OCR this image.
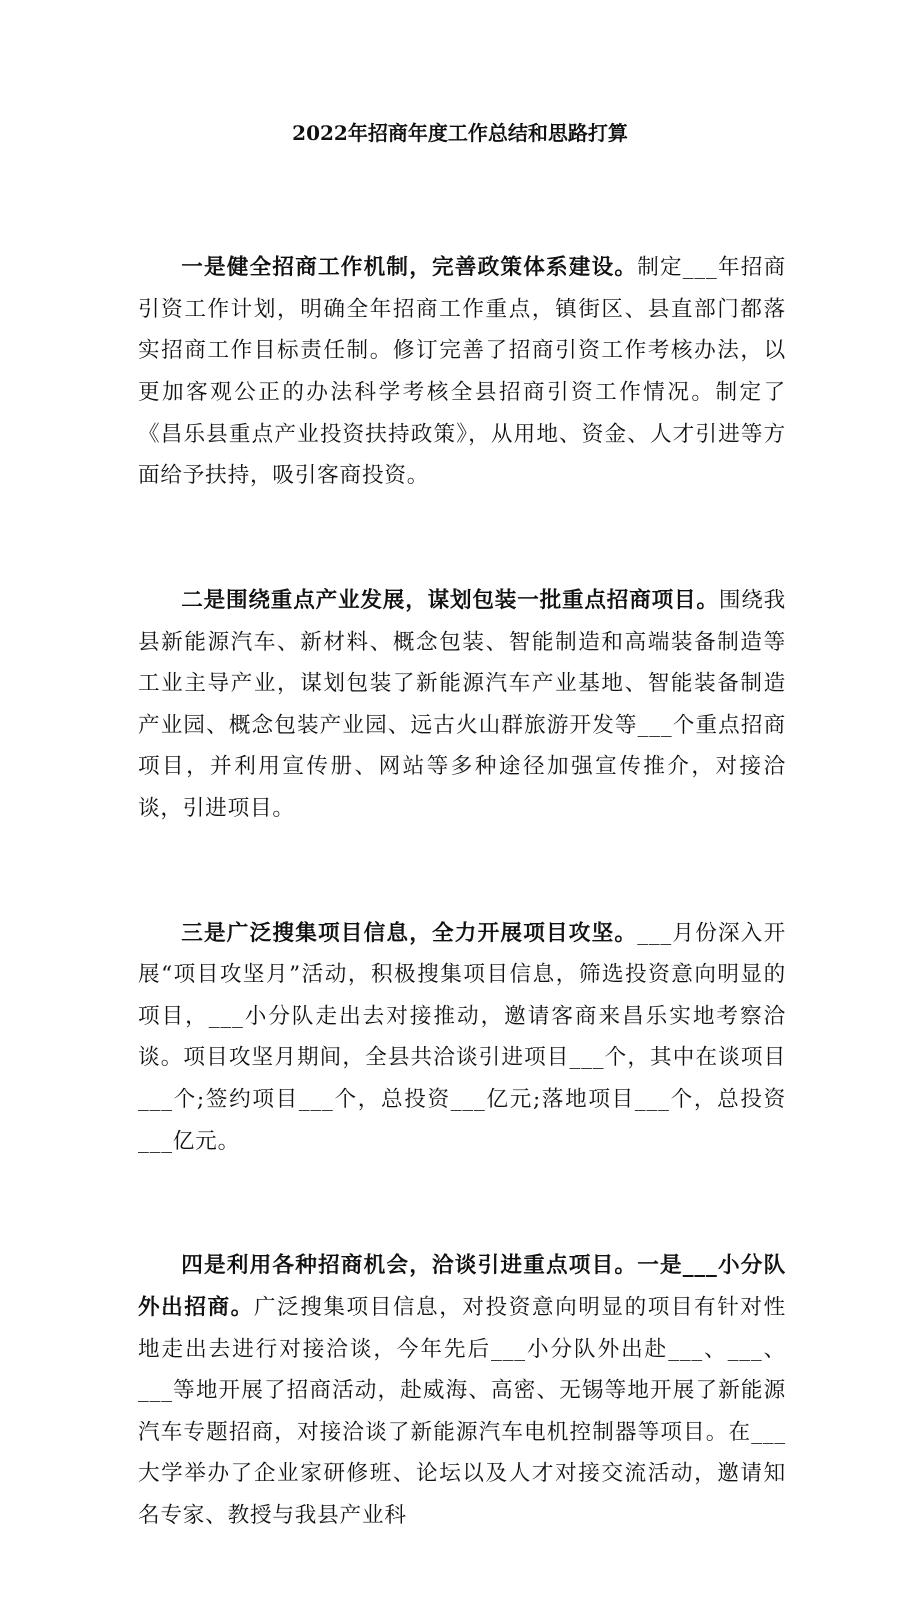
2022年招商年度工作总结和思路打算

一是健全招商工作机制，完善政策体系建设。制定___年招商引资工作计划，明确全年招商工作重点，镇街区、县直部门都落实招商工作目标责任制。修订完善了招商引资工作考核办法，以更加客观公正的办法科学考核全县招商引资工作情况。制定了《昌乐县重点产业投资扶持政策》，从用地、资金、人才引进等方面给予扶持，吸引客商投资。

二是围绕重点产业发展，谋划包装一批重点招商项目。围绕我县新能源汽车、新材料、概念包装、智能制造和高端装备制造等工业主导产业，谋划包装了新能源汽车产业基地、智能装备制造产业园、概念包装产业园、远古火山群旅游开发等___个重点招商项目，并利用宣传册、网站等多种途径加强宣传推介，对接洽谈，引进项目。

三是广泛搜集项目信息，全力开展项目攻坚。___月份深入开展“项目攻坚月”活动，积极搜集项目信息，筛选投资意向明显的项目，___小分队走出去对接推动，邀请客商来昌乐实地考察洽谈。项目攻坚月期间，全县共洽谈引进项目___个，其中在谈项目___个;签约项目___个，总投资___亿元;落地项目___个，总投资___亿元。

四是利用各种招商机会，洽谈引进重点项目。一是___小分队外出招商。广泛搜集项目信息，对投资意向明显的项目有针对性地走出去进行对接洽谈，今年先后___小分队外出赴___、___、___等地开展了招商活动，赴威海、高密、无锡等地开展了新能源汽车专题招商，对接洽谈了新能源汽车电机控制器等项目。在___大学举办了企业家研修班、论坛以及人才对接交流活动，邀请知名专家、教授与我县产业科
